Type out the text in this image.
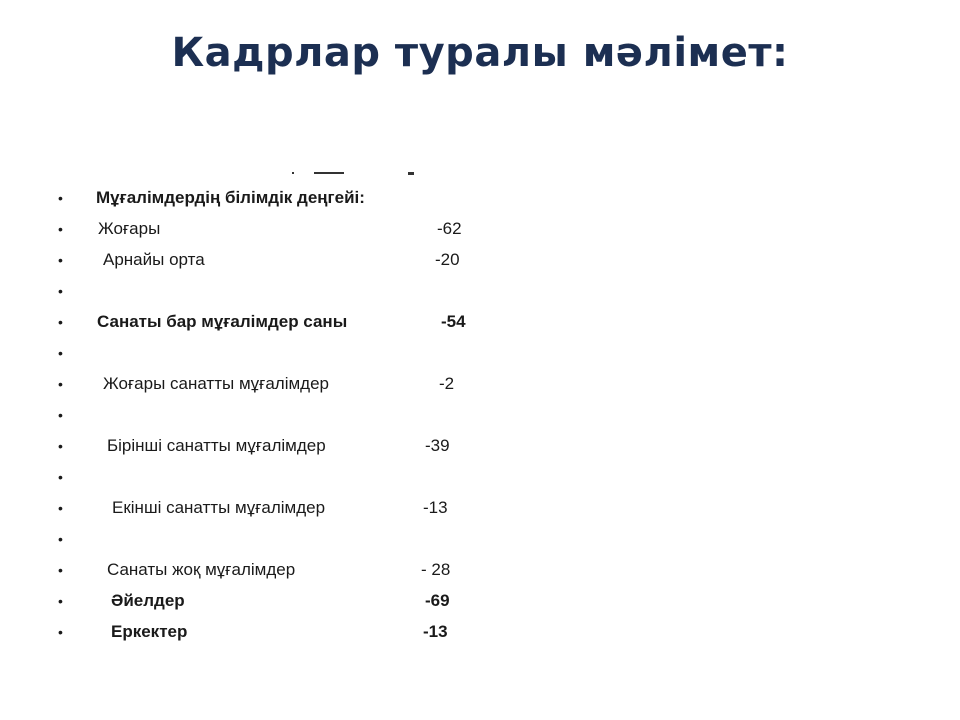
Кадрлар туралы мәлімет:
• Мұғалімдердің білімдік деңгейі:
• Жоғары	-62
• Арнайы орта	-20
•
• Санаты бар мұғалімдер саны	-54
•
• Жоғары санатты мұғалімдер	-2
•
•	Бірінші санатты мұғалімдер	-39
•
•	Екінші санатты мұғалімдер	-13
•
•	Санаты жоқ мұғалімдер	- 28
•	Әйелдер	-69
•	Еркектер	-13
